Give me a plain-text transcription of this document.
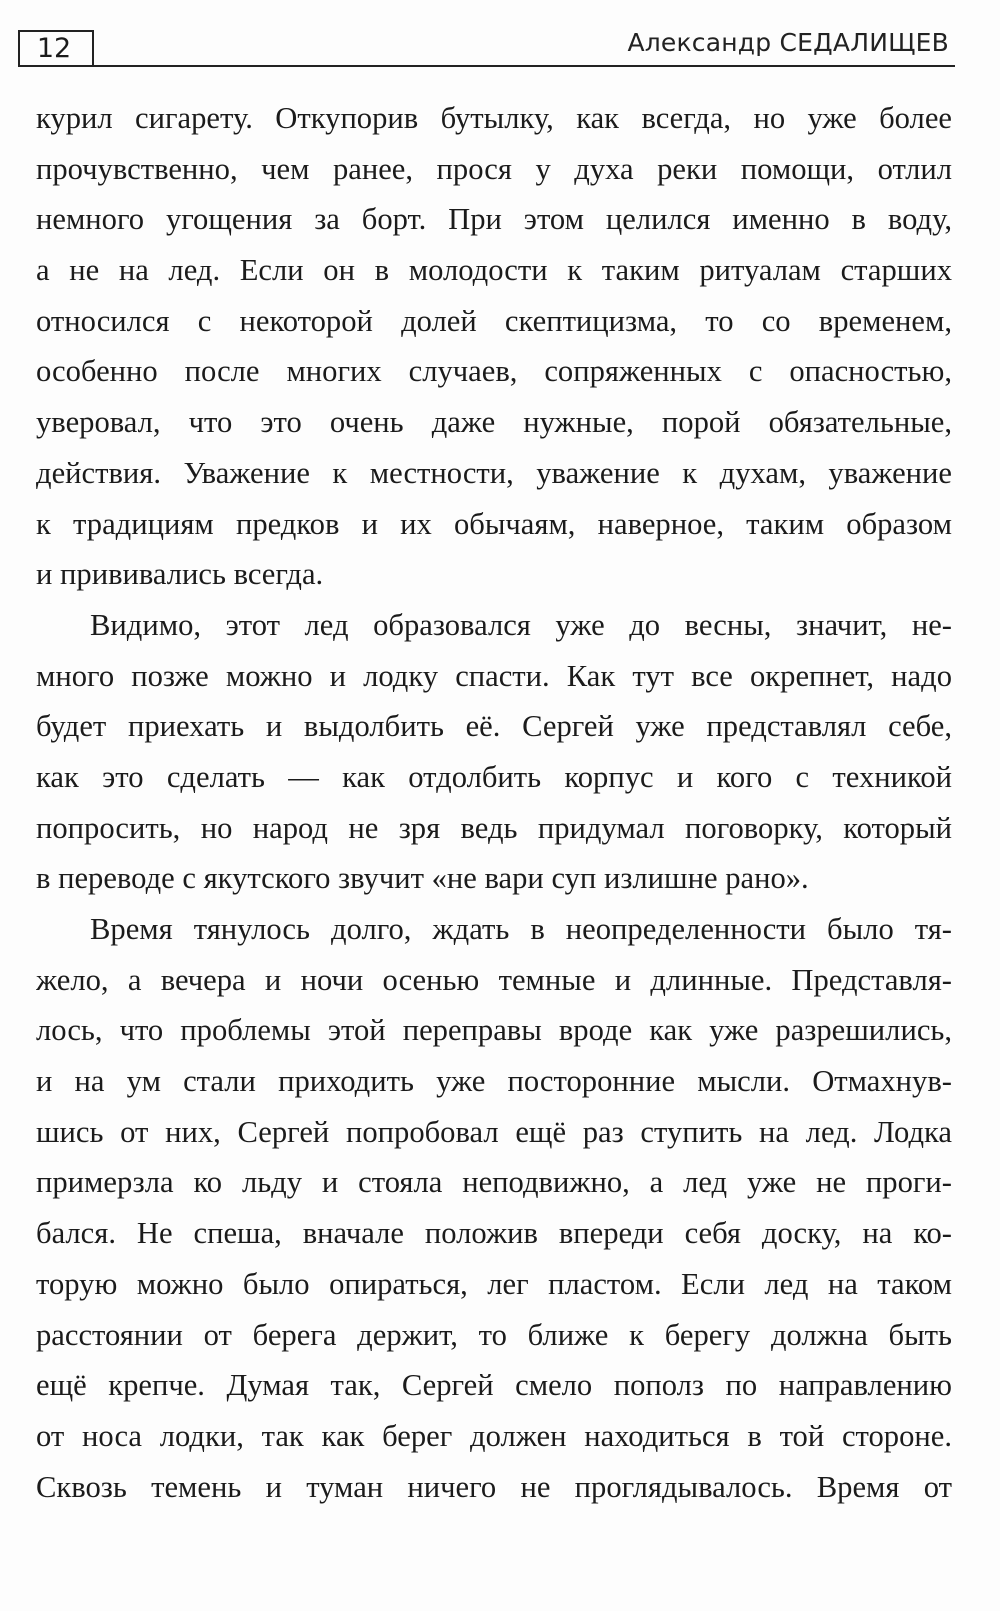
12	Александр СЕДАЛИЩЕВ
курил сигарету. Откупорив бутылку, как всегда, но уже более
прочувственно, чем ранее, прося у духа реки помощи, отлил
немного угощения за борт. При этом целился именно в воду,
а не на лед. Если он в молодости к таким ритуалам старших
относился с некоторой долей скептицизма, то со временем,
особенно после многих случаев, сопряженных с опасностью,
уверовал, что это очень даже нужные, порой обязательные,
действия. Уважение к местности, уважение к духам, уважение
к традициям предков и их обычаям, наверное, таким образом
и прививались всегда.
Видимо, этот лед образовался уже до весны, значит, не-
много позже можно и лодку спасти. Как тут все окрепнет, надо
будет приехать и выдолбить её. Сергей уже представлял себе,
как это сделать — как отдолбить корпус и кого с техникой
попросить, но народ не зря ведь придумал поговорку, который
в переводе с якутского звучит «не вари суп излишне рано».
Время тянулось долго, ждать в неопределенности было тя-
жело, а вечера и ночи осенью темные и длинные. Представля-
лось, что проблемы этой переправы вроде как уже разрешились,
и на ум стали приходить уже посторонние мысли. Отмахнув-
шись от них, Сергей попробовал ещё раз ступить на лед. Лодка
примерзла ко льду и стояла неподвижно, а лед уже не проги-
бался. Не спеша, вначале положив впереди себя доску, на ко-
торую можно было опираться, лег пластом. Если лед на таком
расстоянии от берега держит, то ближе к берегу должна быть
ещё крепче. Думая так, Сергей смело пополз по направлению
от носа лодки, так как берег должен находиться в той стороне.
Сквозь темень и туман ничего не проглядывалось. Время от
